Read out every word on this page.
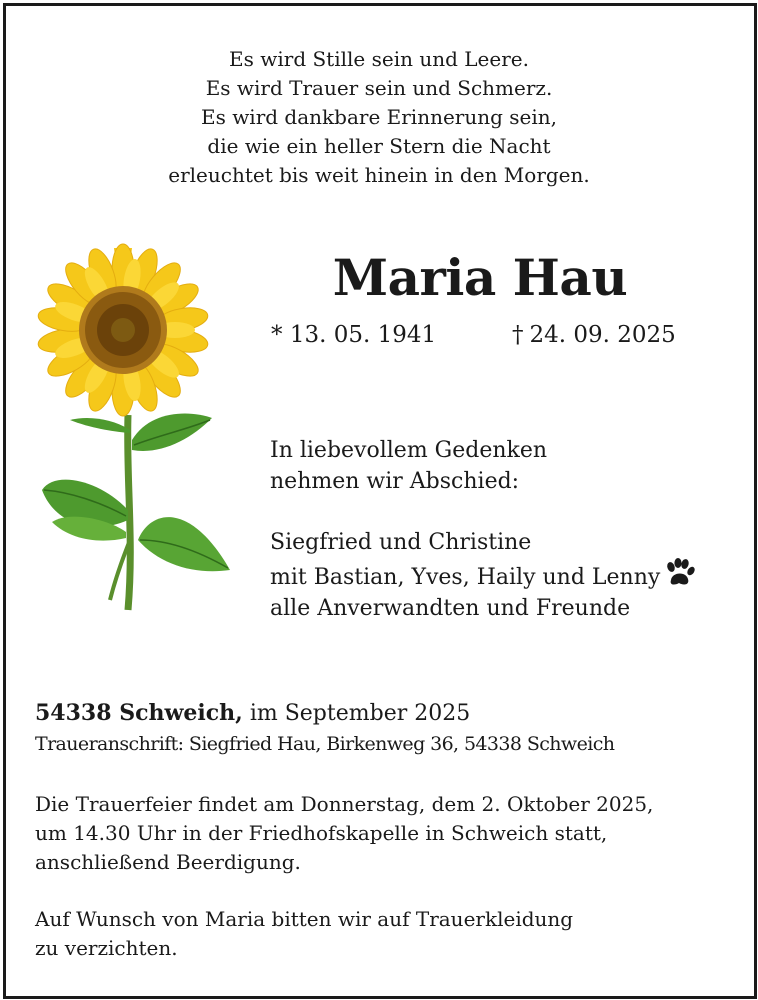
Es wird Stille sein und Leere.
Es wird Trauer sein und Schmerz.
Es wird dankbare Erinnerung sein,
die wie ein heller Stern die Nacht
erleuchtet bis weit hinein in den Morgen.
Maria Hau
* 13. 05. 1941	† 24. 09. 2025
In liebevollem Gedenken
nehmen wir Abschied:
Siegfried und Christine
mit Bastian, Yves, Haily und Lenny
alle Anverwandten und Freunde
54338 Schweich, im September 2025
Traueranschrift: Siegfried Hau, Birkenweg 36, 54338 Schweich
Die Trauerfeier findet am Donnerstag, dem 2. Oktober 2025,
um 14.30 Uhr in der Friedhofskapelle in Schweich statt,
anschließend Beerdigung.
Auf Wunsch von Maria bitten wir auf Trauerkleidung
zu verzichten.
